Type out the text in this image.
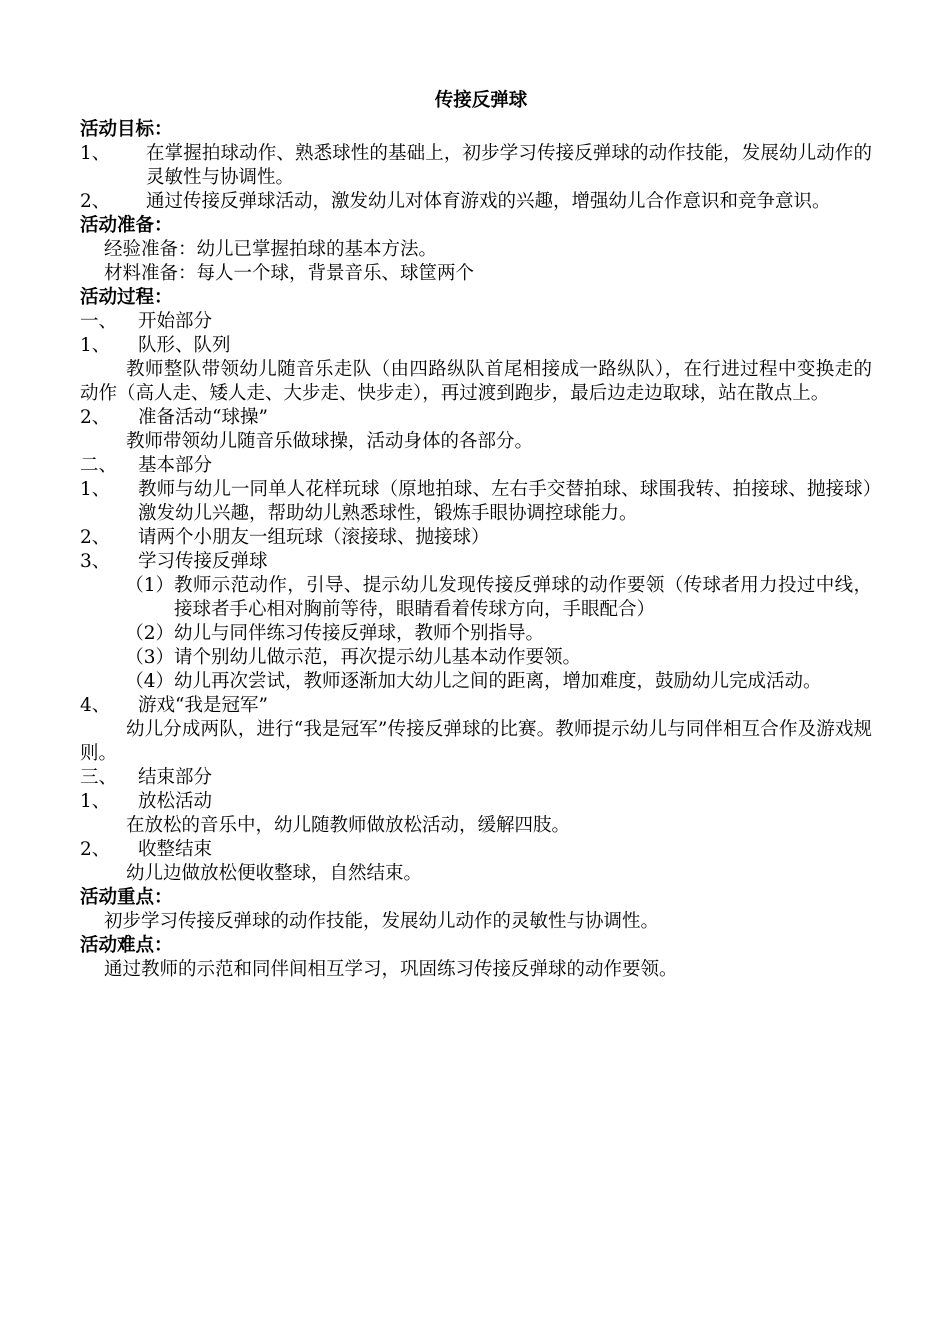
传接反弹球
活动目标：
1、	在掌握拍球动作、熟悉球性的基础上，初步学习传接反弹球的动作技能，发展幼儿动作的灵敏性与协调性。
2、	通过传接反弹球活动，激发幼儿对体育游戏的兴趣，增强幼儿合作意识和竞争意识。
活动准备：
经验准备：幼儿已掌握拍球的基本方法。
材料准备：每人一个球，背景音乐、球筐两个
活动过程：
一、	开始部分
1、	队形、队列
教师整队带领幼儿随音乐走队（由四路纵队首尾相接成一路纵队），在行进过程中变换走的动作（高人走、矮人走、大步走、快步走），再过渡到跑步，最后边走边取球，站在散点上。
2、	准备活动“球操”
教师带领幼儿随音乐做球操，活动身体的各部分。
二、	基本部分
1、	教师与幼儿一同单人花样玩球（原地拍球、左右手交替拍球、球围我转、拍接球、抛接球）激发幼儿兴趣，帮助幼儿熟悉球性，锻炼手眼协调控球能力。
2、	请两个小朋友一组玩球（滚接球、抛接球）
3、	学习传接反弹球
（1） 教师示范动作，引导、提示幼儿发现传接反弹球的动作要领（传球者用力投过中线，接球者手心相对胸前等待，眼睛看着传球方向，手眼配合）
（2） 幼儿与同伴练习传接反弹球，教师个别指导。
（3） 请个别幼儿做示范，再次提示幼儿基本动作要领。
（4） 幼儿再次尝试，教师逐渐加大幼儿之间的距离，增加难度，鼓励幼儿完成活动。
4、	游戏“我是冠军”
幼儿分成两队，进行“我是冠军”传接反弹球的比赛。教师提示幼儿与同伴相互合作及游戏规则。
三、	结束部分
1、	放松活动
在放松的音乐中，幼儿随教师做放松活动，缓解四肢。
2、	收整结束
幼儿边做放松便收整球，自然结束。
活动重点：
初步学习传接反弹球的动作技能，发展幼儿动作的灵敏性与协调性。
活动难点：
通过教师的示范和同伴间相互学习，巩固练习传接反弹球的动作要领。
